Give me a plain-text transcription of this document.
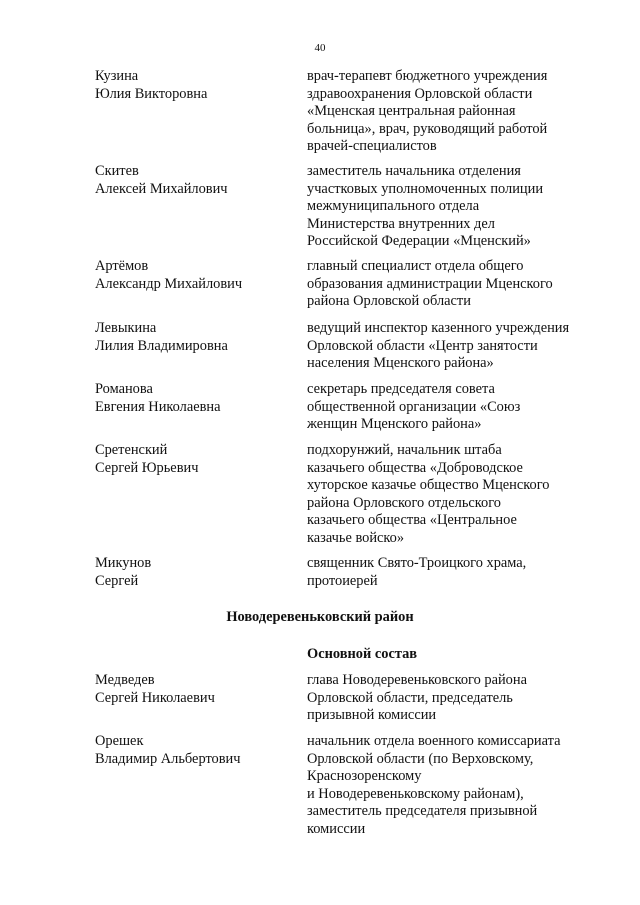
40
Кузина
Юлия Викторовна
врач-терапевт бюджетного учреждения
здравоохранения Орловской области
«Мценская центральная районная
больница», врач, руководящий работой
врачей-специалистов
Скитев
Алексей Михайлович
заместитель начальника отделения
участковых уполномоченных полиции
межмуниципального отдела
Министерства внутренних дел
Российской Федерации «Мценский»
Артёмов
Александр Михайлович
главный специалист отдела общего
образования администрации Мценского
района Орловской области
Левыкина
Лилия Владимировна
ведущий инспектор казенного учреждения
Орловской области «Центр занятости
населения Мценского района»
Романова
Евгения Николаевна
секретарь председателя совета
общественной организации «Союз
женщин Мценского района»
Сретенский
Сергей Юрьевич
подхорунжий, начальник штаба
казачьего общества «Доброводское
хуторское казачье общество Мценского
района Орловского отдельского
казачьего общества «Центральное
казачье войско»
Микунов
Сергей
священник Свято-Троицкого храма,
протоиерей
Новодеревеньковский район
Основной состав
Медведев
Сергей Николаевич
глава Новодеревеньковского района
Орловской области, председатель
призывной комиссии
Орешек
Владимир Альбертович
начальник отдела военного комиссариата
Орловской области (по Верховскому,
Краснозоренскому
и Новодеревеньковскому районам),
заместитель председателя призывной
комиссии
